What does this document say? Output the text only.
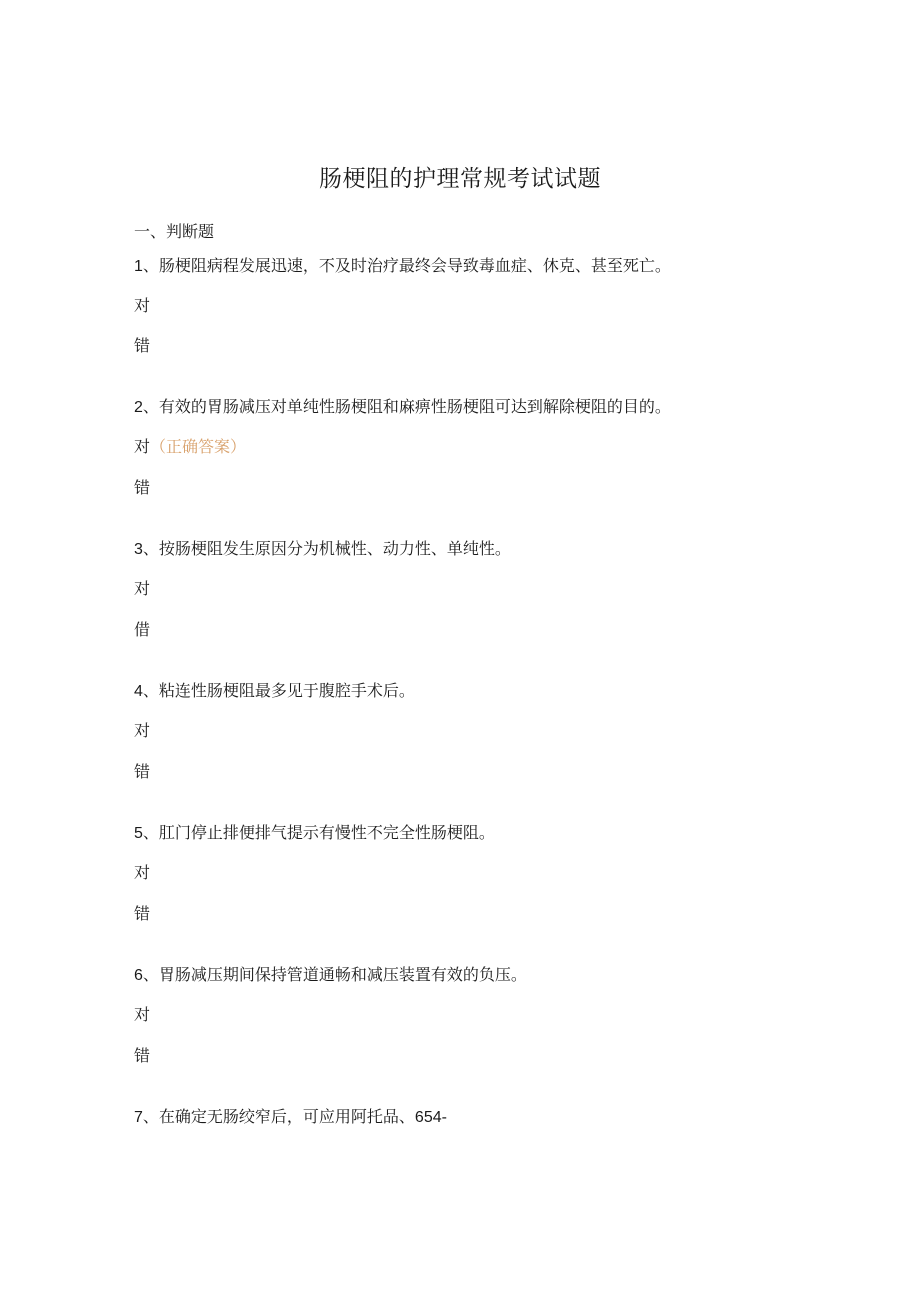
肠梗阻的护理常规考试试题
一、判断题
1、肠梗阻病程发展迅速，不及时治疗最终会导致毒血症、休克、甚至死亡。
对
错
2、有效的胃肠减压对单纯性肠梗阻和麻痹性肠梗阻可达到解除梗阻的目的。
对（正确答案）
错
3、按肠梗阻发生原因分为机械性、动力性、单纯性。
对
借
4、粘连性肠梗阻最多见于腹腔手术后。
对
错
5、肛门停止排便排气提示有慢性不完全性肠梗阻。
对
错
6、胃肠减压期间保持管道通畅和减压装置有效的负压。
对
错
7、在确定无肠绞窄后，可应用阿托品、654-
